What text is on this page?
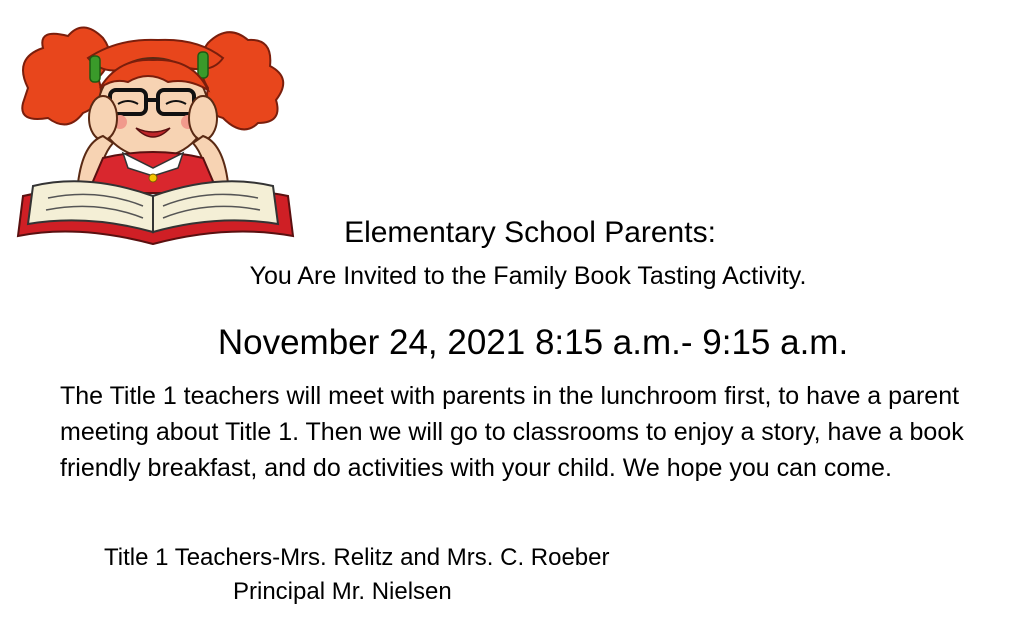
Elementary School Parents:
You Are Invited to the Family Book Tasting Activity.
November 24, 2021 8:15 a.m.- 9:15 a.m.
The Title 1 teachers will meet with parents in the lunchroom first, to have a parent meeting about Title 1. Then we will go to classrooms to enjoy a story, have a book friendly breakfast, and do activities with your child. We hope you can come.
Title 1 Teachers-Mrs. Relitz and Mrs. C. Roeber
Principal Mr. Nielsen
